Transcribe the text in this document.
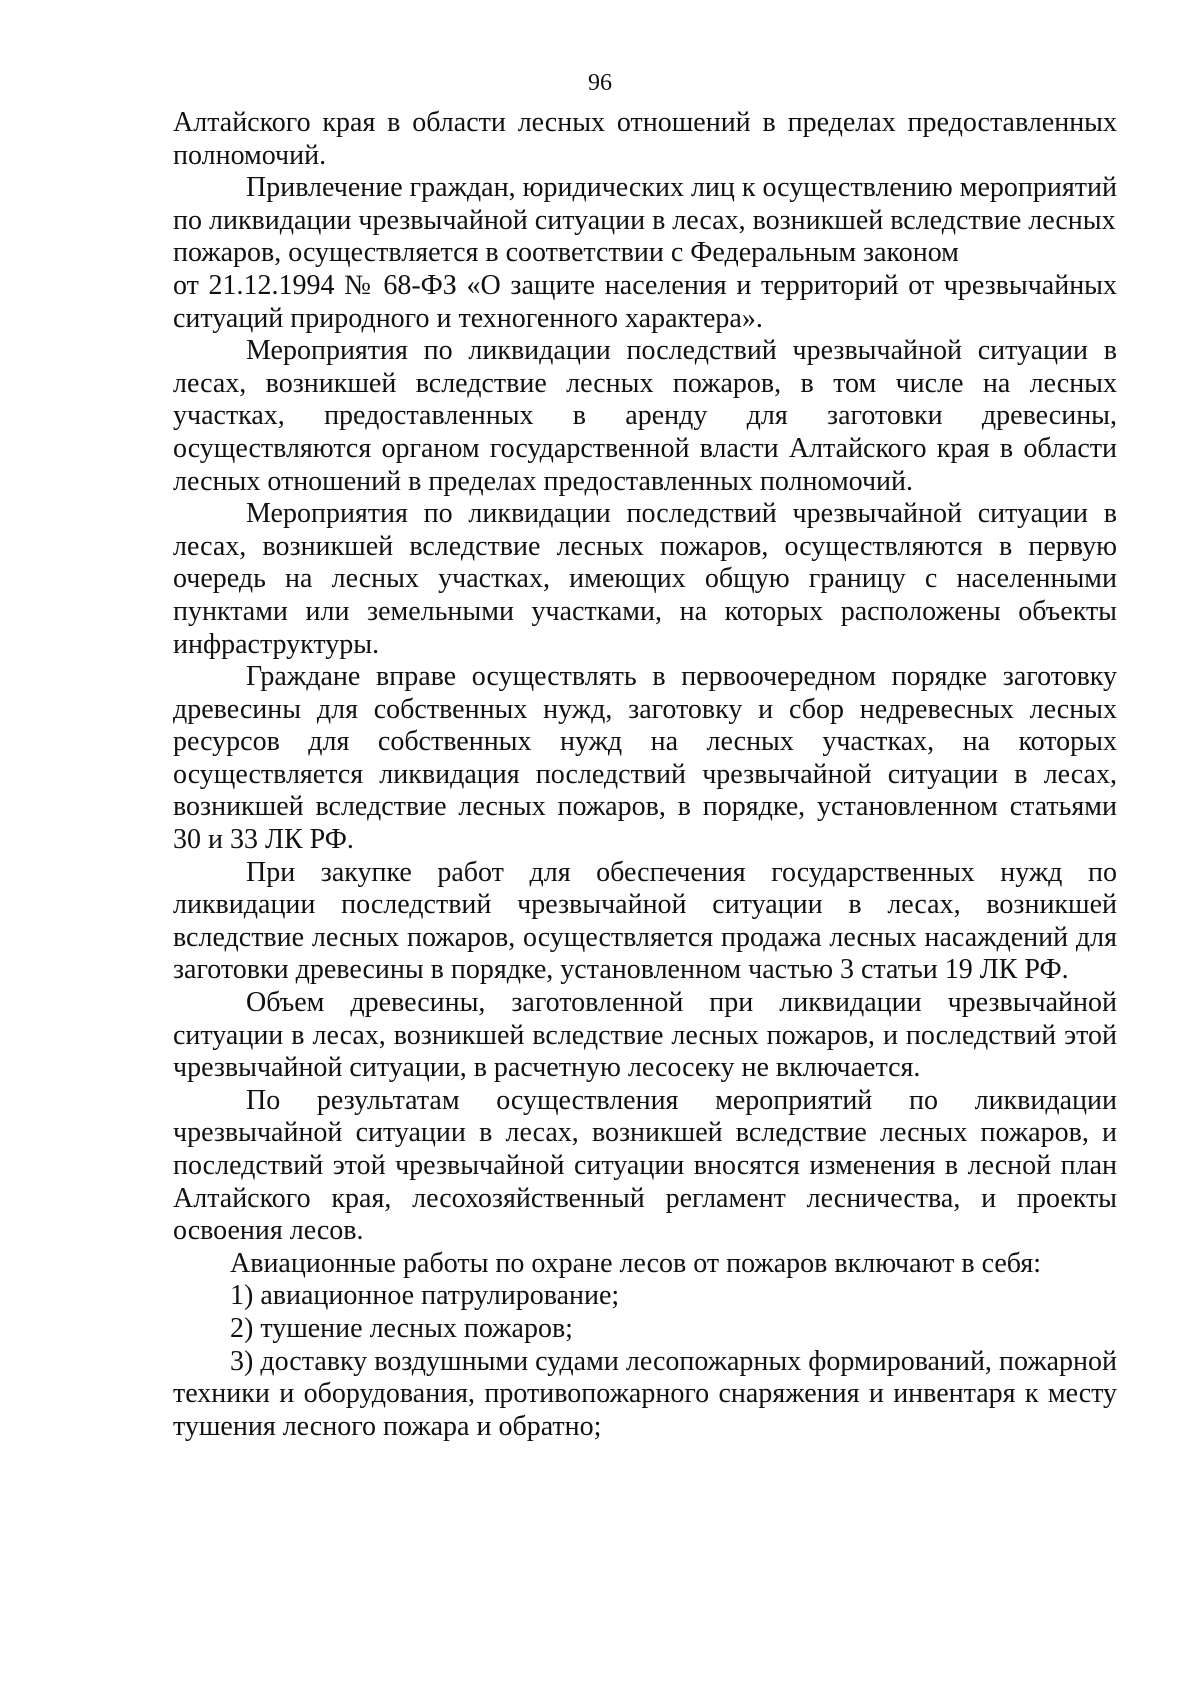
96

Алтайского края в области лесных отношений в пределах предоставленных полномочий.

Привлечение граждан, юридических лиц к осуществлению мероприятий по ликвидации чрезвычайной ситуации в лесах, возникшей вследствие лесных пожаров, осуществляется в соответствии с Федеральным законом

от 21.12.1994 № 68-ФЗ «О защите населения и территорий от чрезвычайных ситуаций природного и техногенного характера».

Мероприятия по ликвидации последствий чрезвычайной ситуации в лесах, возникшей вследствие лесных пожаров, в том числе на лесных участках, предоставленных в аренду для заготовки древесины, осуществляются органом государственной власти Алтайского края в области лесных отношений в пределах предоставленных полномочий.

Мероприятия по ликвидации последствий чрезвычайной ситуации в лесах, возникшей вследствие лесных пожаров, осуществляются в первую очередь на лесных участках, имеющих общую границу с населенными пунктами или земельными участками, на которых расположены объекты инфраструктуры.

Граждане вправе осуществлять в первоочередном порядке заготовку древесины для собственных нужд, заготовку и сбор недревесных лесных ресурсов для собственных нужд на лесных участках, на которых осуществляется ликвидация последствий чрезвычайной ситуации в лесах, возникшей вследствие лесных пожаров, в порядке, установленном статьями 30 и 33 ЛК РФ.

При закупке работ для обеспечения государственных нужд по ликвидации последствий чрезвычайной ситуации в лесах, возникшей вследствие лесных пожаров, осуществляется продажа лесных насаждений для заготовки древесины в порядке, установленном частью 3 статьи 19 ЛК РФ.

Объем древесины, заготовленной при ликвидации чрезвычайной ситуации в лесах, возникшей вследствие лесных пожаров, и последствий этой чрезвычайной ситуации, в расчетную лесосеку не включается.

По результатам осуществления мероприятий по ликвидации чрезвычайной ситуации в лесах, возникшей вследствие лесных пожаров, и последствий этой чрезвычайной ситуации вносятся изменения в лесной план Алтайского края, лесохозяйственный регламент лесничества, и проекты освоения лесов.

Авиационные работы по охране лесов от пожаров включают в себя:

1) авиационное патрулирование;

2) тушение лесных пожаров;

3) доставку воздушными судами лесопожарных формирований, пожарной техники и оборудования, противопожарного снаряжения и инвентаря к месту тушения лесного пожара и обратно;
